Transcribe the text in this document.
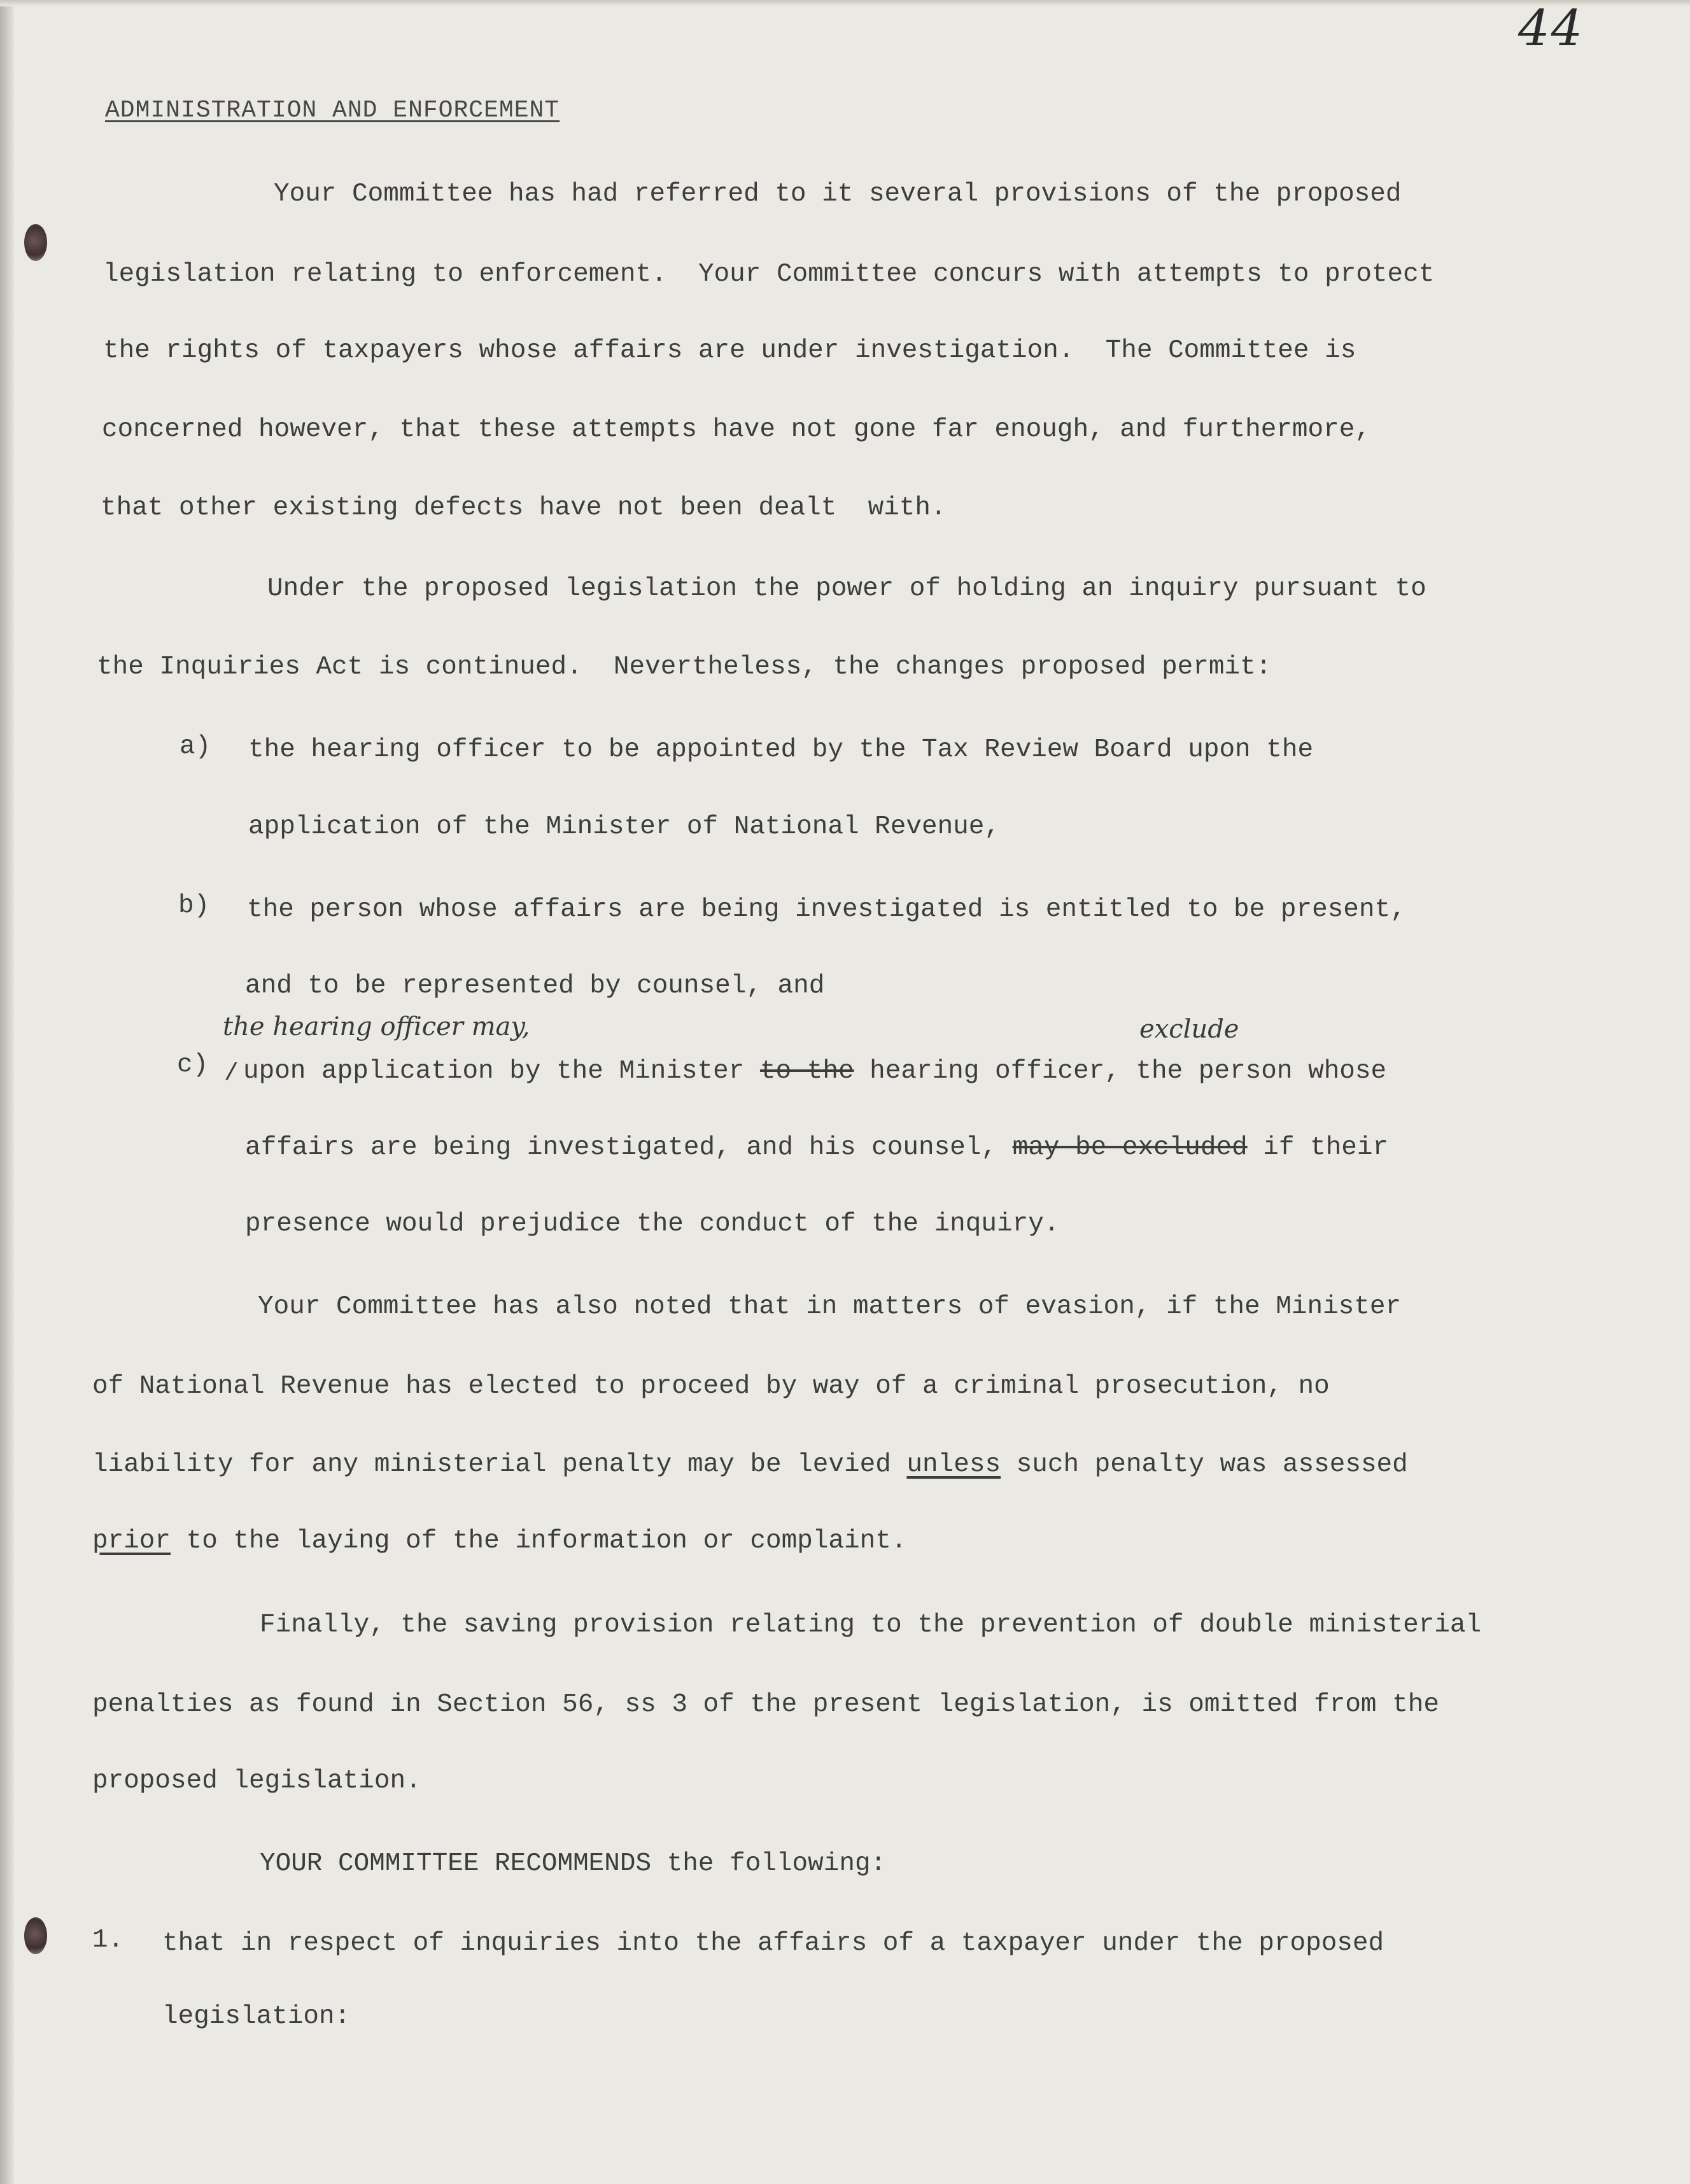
44
ADMINISTRATION AND ENFORCEMENT
Your Committee has had referred to it several provisions of the proposed
legislation relating to enforcement.  Your Committee concurs with attempts to protect
the rights of taxpayers whose affairs are under investigation.  The Committee is
concerned however, that these attempts have not gone far enough, and furthermore,
that other existing defects have not been dealt  with.
Under the proposed legislation the power of holding an inquiry pursuant to
the Inquiries Act is continued.  Nevertheless, the changes proposed permit:
a) the hearing officer to be appointed by the Tax Review Board upon the
application of the Minister of National Revenue,
b) the person whose affairs are being investigated is entitled to be present,
and to be represented by counsel, and
the hearing officer may,	exclude
c) / upon application by the Minister to the hearing officer, the person whose
affairs are being investigated, and his counsel, may be excluded if their
presence would prejudice the conduct of the inquiry.
Your Committee has also noted that in matters of evasion, if the Minister
of National Revenue has elected to proceed by way of a criminal prosecution, no
liability for any ministerial penalty may be levied unless such penalty was assessed
prior to the laying of the information or complaint.
Finally, the saving provision relating to the prevention of double ministerial
penalties as found in Section 56, ss 3 of the present legislation, is omitted from the
proposed legislation.
YOUR COMMITTEE RECOMMENDS the following:
1. that in respect of inquiries into the affairs of a taxpayer under the proposed
legislation:
